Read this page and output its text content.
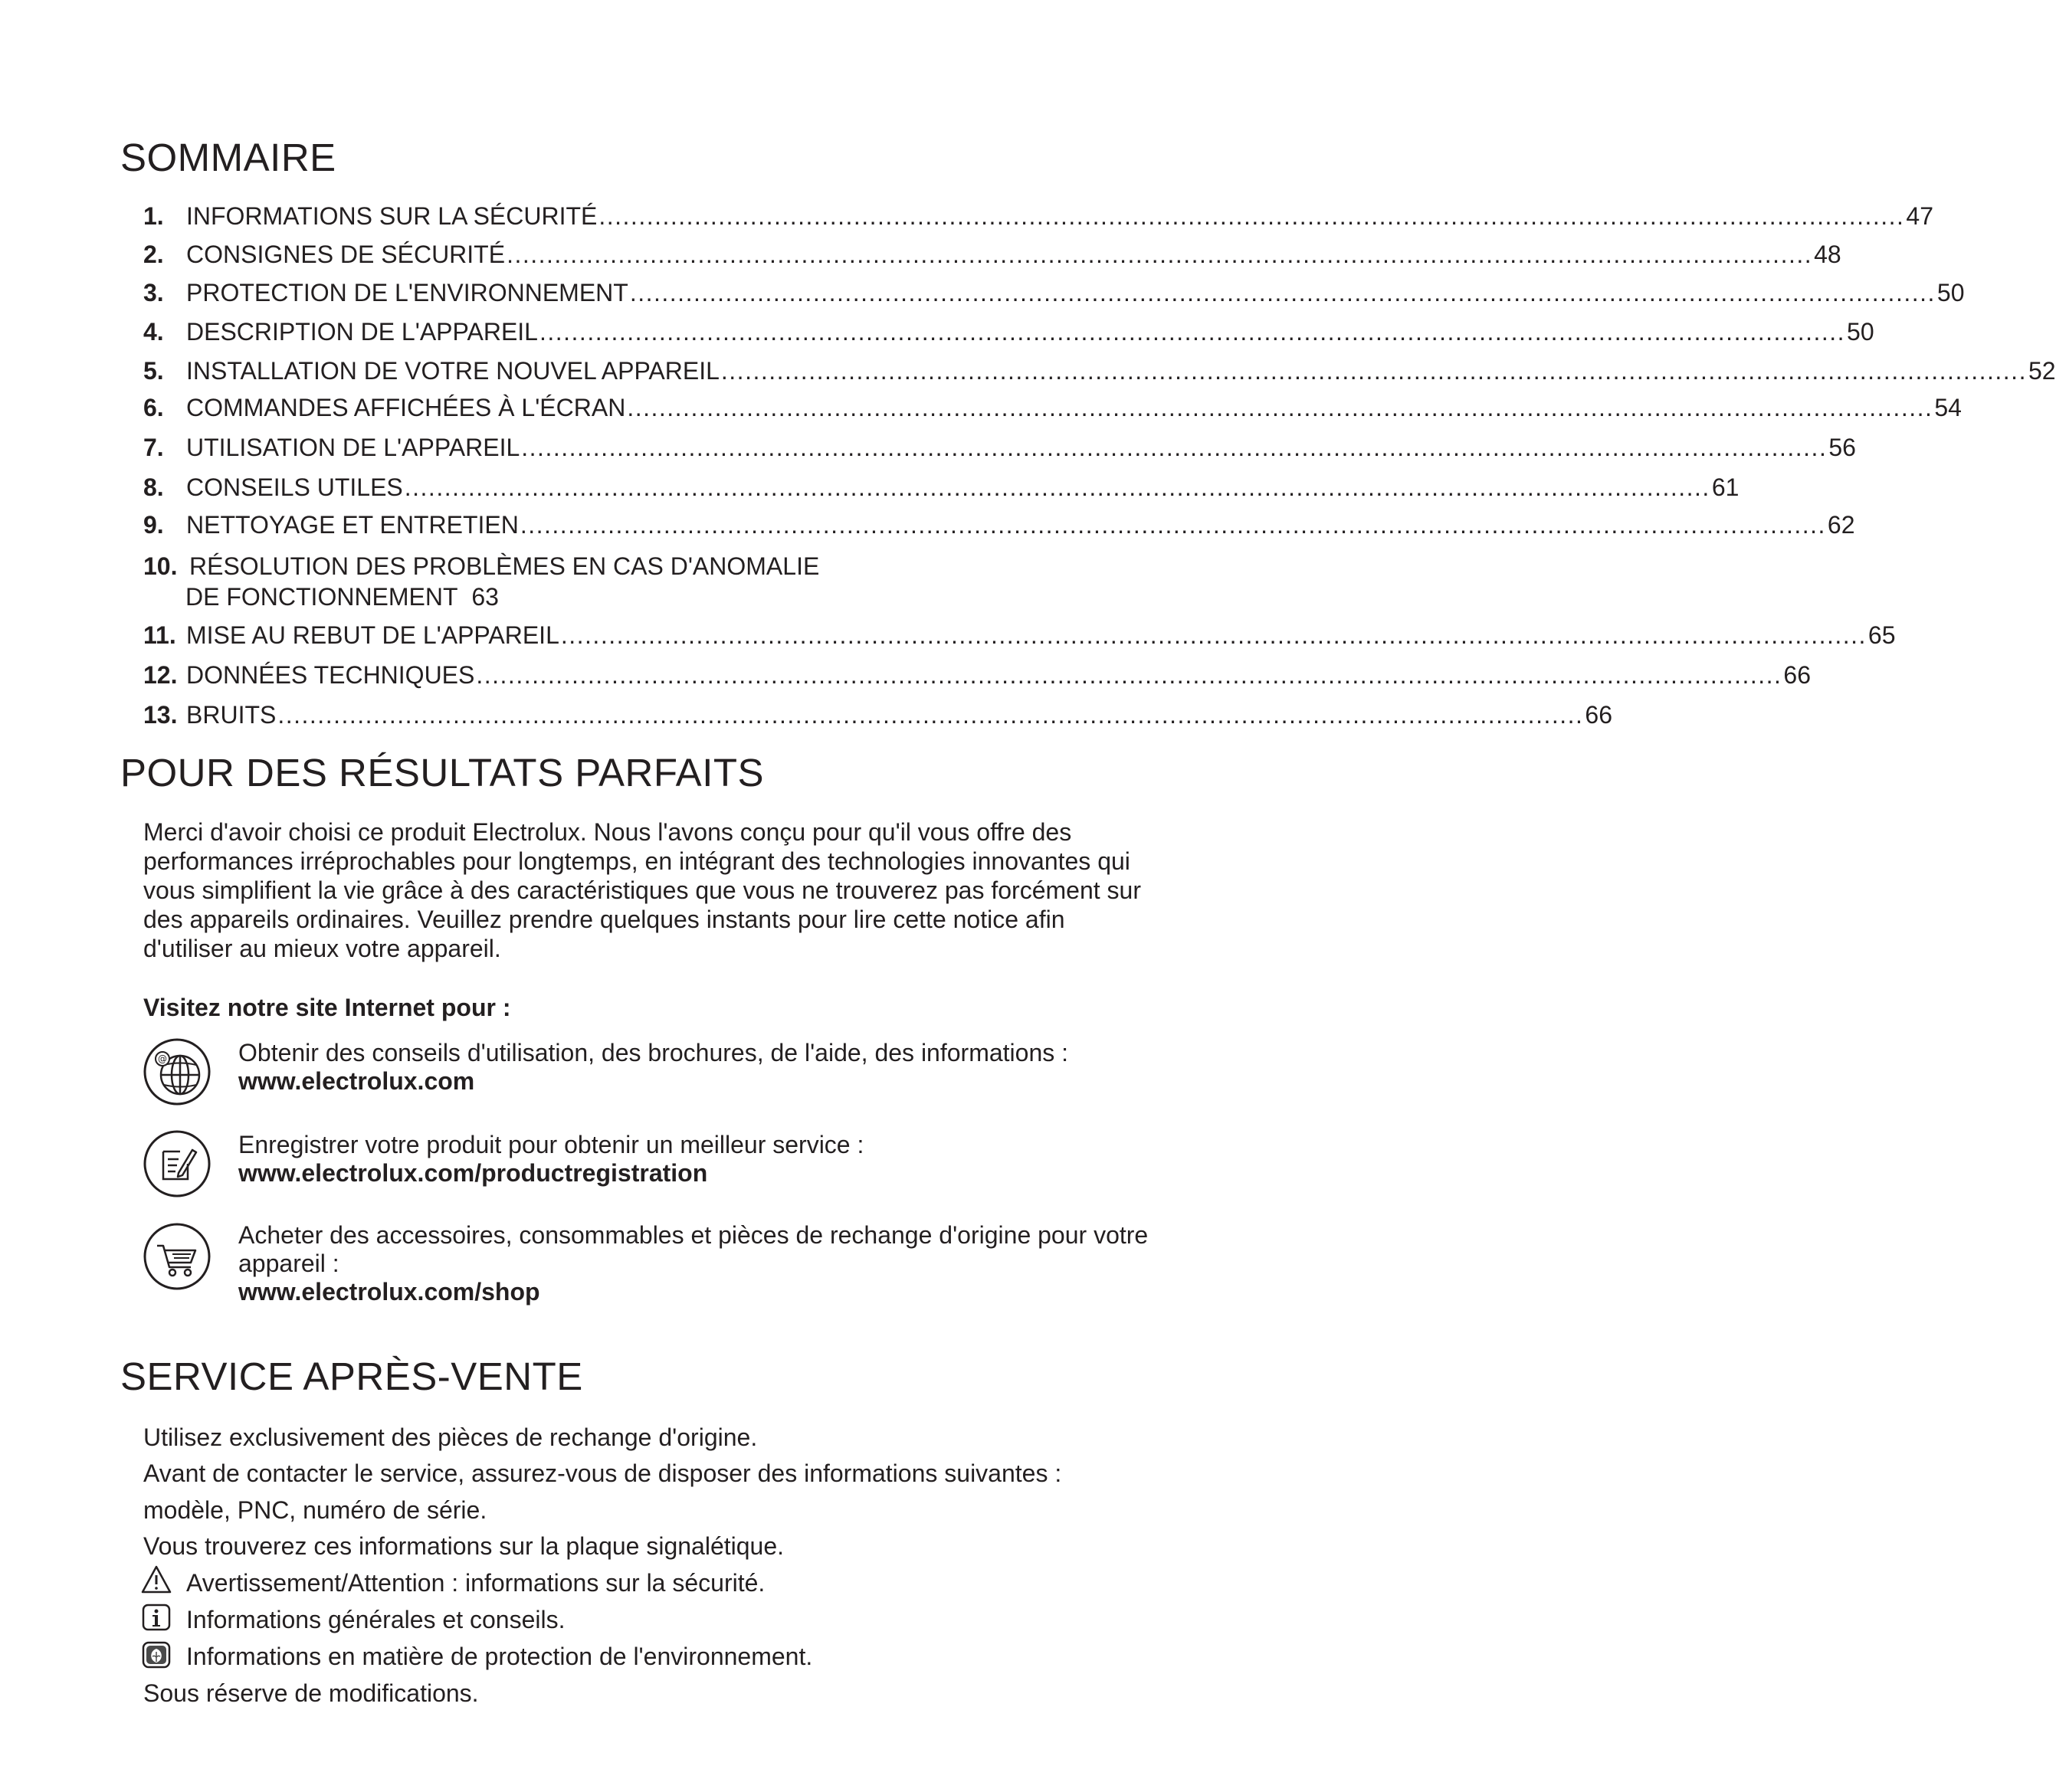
SOMMAIRE
1. INFORMATIONS SUR LA SÉCURITÉ .................................................................................................................................................................... 47
2. CONSIGNES DE SÉCURITÉ .................................................................................................................................................................... 48
3. PROTECTION DE L'ENVIRONNEMENT .................................................................................................................................................................... 50
4. DESCRIPTION DE L'APPAREIL .................................................................................................................................................................... 50
5. INSTALLATION DE VOTRE NOUVEL APPAREIL .................................................................................................................................................................... 52
6. COMMANDES AFFICHÉES À L'ÉCRAN .................................................................................................................................................................... 54
7. UTILISATION DE L'APPAREIL .................................................................................................................................................................... 56
8. CONSEILS UTILES .................................................................................................................................................................... 61
9. NETTOYAGE ET ENTRETIEN .................................................................................................................................................................... 62
10. RÉSOLUTION DES PROBLÈMES EN CAS D'ANOMALIE
DE FONCTIONNEMENT 63
11. MISE AU REBUT DE L'APPAREIL .................................................................................................................................................................... 65
12. DONNÉES TECHNIQUES .................................................................................................................................................................... 66
13. BRUITS .................................................................................................................................................................... 66
POUR DES RÉSULTATS PARFAITS

Merci d'avoir choisi ce produit Electrolux. Nous l'avons conçu pour qu'il vous offre des performances irréprochables pour longtemps, en intégrant des technologies innovantes qui vous simplifient la vie grâce à des caractéristiques que vous ne trouverez pas forcément sur des appareils ordinaires. Veuillez prendre quelques instants pour lire cette notice afin d'utiliser au mieux votre appareil.

Visitez notre site Internet pour :

@	Obtenir des conseils d'utilisation, des brochures, de l'aide, des informations :
www.electrolux.com

Enregistrer votre produit pour obtenir un meilleur service :
www.electrolux.com/productregistration

Acheter des accessoires, consommables et pièces de rechange d'origine pour votre appareil :
www.electrolux.com/shop

SERVICE APRÈS-VENTE

Utilisez exclusivement des pièces de rechange d'origine.

Avant de contacter le service, assurez-vous de disposer des informations suivantes :

modèle, PNC, numéro de série.

Vous trouverez ces informations sur la plaque signalétique.

Avertissement/Attention : informations sur la sécurité.

Informations générales et conseils.

Informations en matière de protection de l'environnement.

Sous réserve de modifications.
